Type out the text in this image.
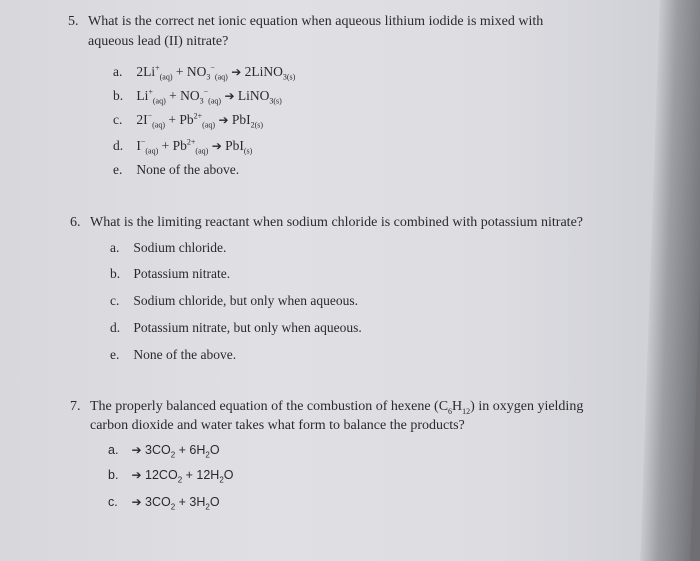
5. What is the correct net ionic equation when aqueous lithium iodide is mixed with
aqueous lead (II) nitrate?
a. $2Li^+_{(aq)} + NO_3^-_{(aq)}$ ➔ 2LiNO$_{3(s)}$
b. $Li^+_{(aq)} + NO_3^-_{(aq)}$ ➔ LiNO$_{3(s)}$
c. $2I^-_{(aq)} + Pb^{2+}_{(aq)}$ ➔ PbI$_{2(s)}$
d. $I^-_{(aq)} + Pb^{2+}_{(aq)}$ ➔ PbI$_{(s)}$
e. None of the above.
6. What is the limiting reactant when sodium chloride is combined with potassium nitrate?
a. Sodium chloride.
b. Potassium nitrate.
c. Sodium chloride, but only when aqueous.
d. Potassium nitrate, but only when aqueous.
e. None of the above.
7. The properly balanced equation of the combustion of hexene $(C_6H_{12})$ in oxygen yielding
carbon dioxide and water takes what form to balance the products?
a. ➔ $3CO_2 + 6H_2O$
b. ➔ $12CO_2 + 12H_2O$
c. ➔ $3CO_2 + 3H_2O$
